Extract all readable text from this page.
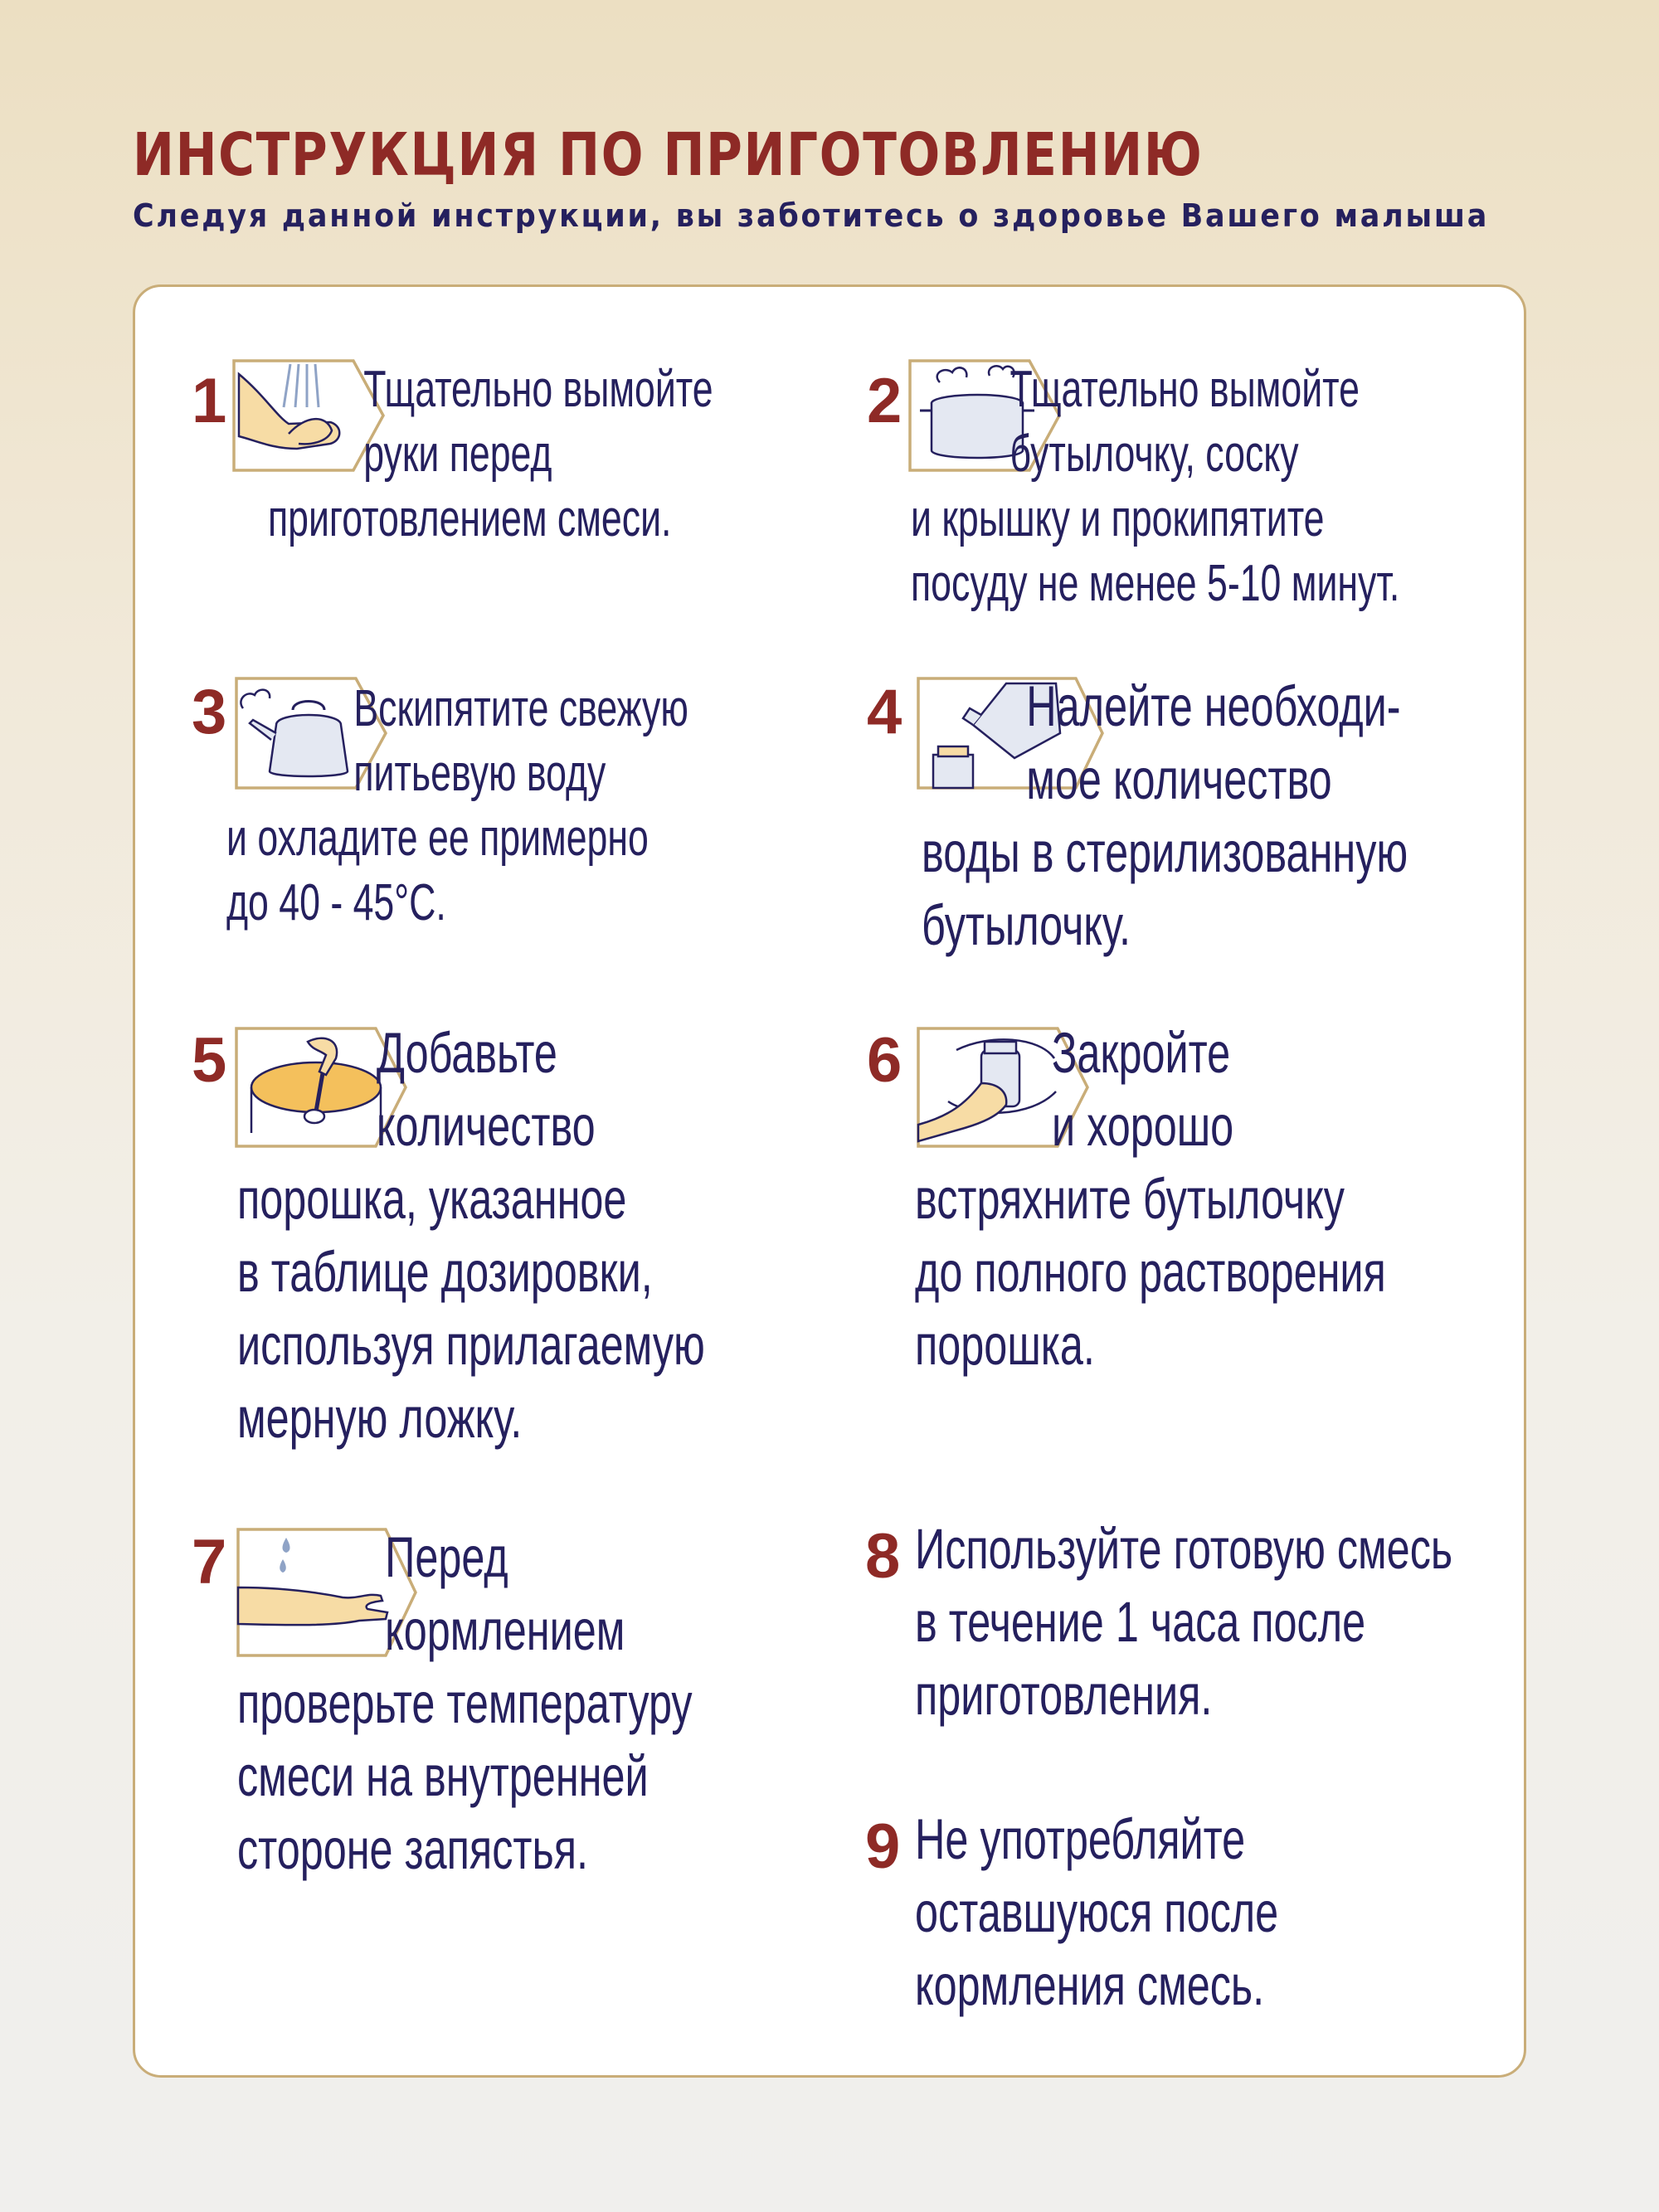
ИНСТРУКЦИЯ ПО ПРИГОТОВЛЕНИЮ
Следуя данной инструкции, вы заботитесь о здоровье Вашего малыша
1	Тщательно вымойте
руки перед
приготовлением смеси.

2 Тщательно вымойте
бутылочку, соску
и крышку и прокипятите
посуду не менее 5-10 минут.

3 Вскипятите свежую
питьевую воду
и охладите ее примерно
до 40 - 45°С.

4 Налейте необходи-
мое количество
воды в стерилизованную
бутылочку.

5	Добавьте
количество
порошка, указанное
в таблице дозировки,
используя прилагаемую
мерную ложку.

6	Закройте
и хорошо
встряхните бутылочку
до полного растворения
порошка.

7	Перед
кормлением
проверьте температуру
смеси на внутренней
стороне запястья.

8 Используйте готовую смесь
в течение 1 часа после
приготовления.

9 Не употребляйте
оставшуюся после
кормления смесь.
